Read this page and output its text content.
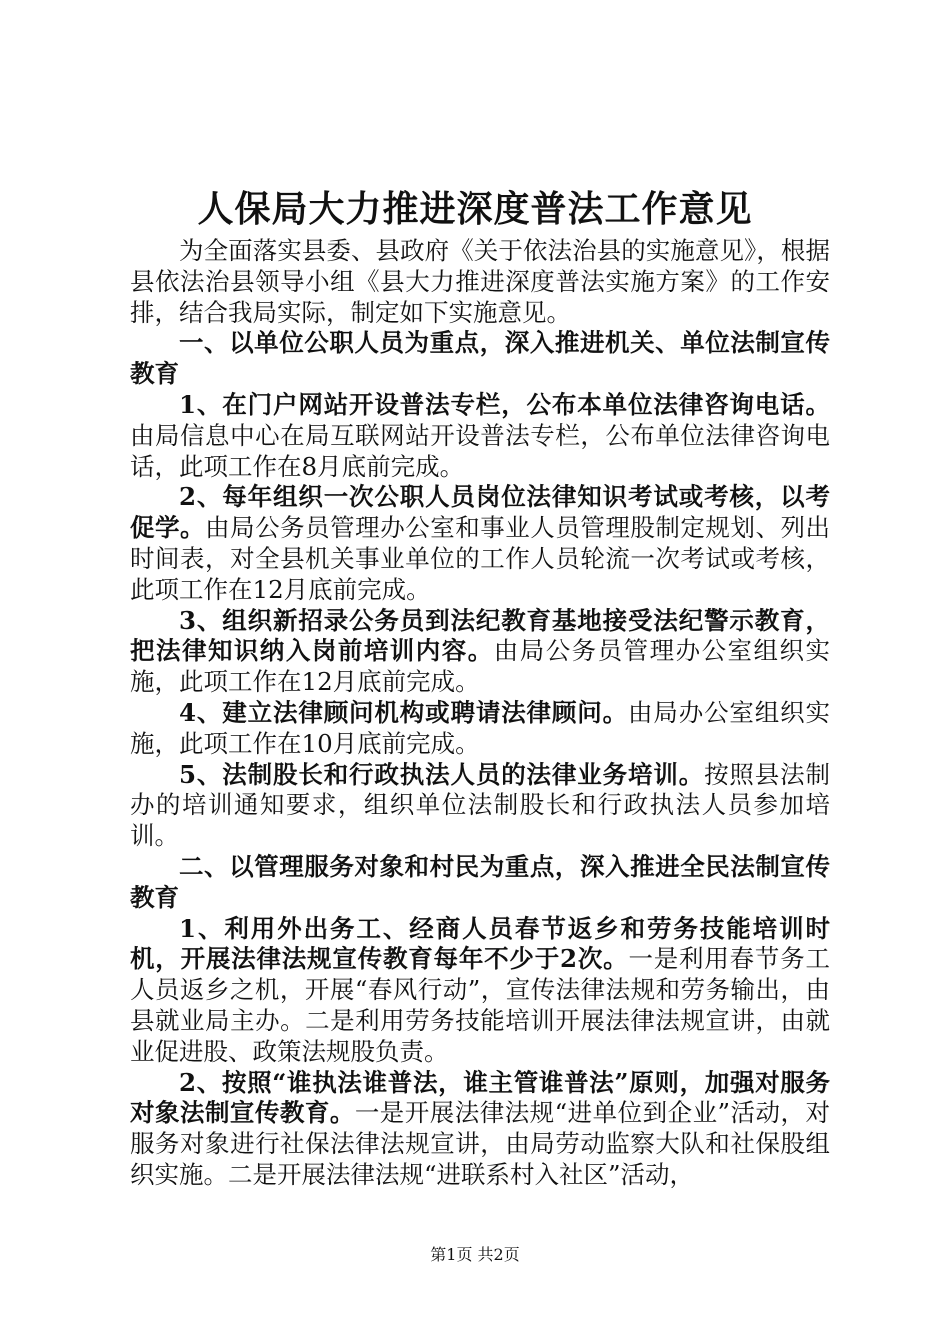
人保局大力推进深度普法工作意见

为全面落实县委、县政府《关于依法治县的实施意见》，根据县依法治县领导小组《县大力推进深度普法实施方案》的工作安排，结合我局实际，制定如下实施意见。

一、以单位公职人员为重点，深入推进机关、单位法制宣传教育

1、在门户网站开设普法专栏，公布本单位法律咨询电话。由局信息中心在局互联网站开设普法专栏，公布单位法律咨询电话，此项工作在8月底前完成。

2、每年组织一次公职人员岗位法律知识考试或考核，以考促学。由局公务员管理办公室和事业人员管理股制定规划、列出时间表，对全县机关事业单位的工作人员轮流一次考试或考核，此项工作在12月底前完成。

3、组织新招录公务员到法纪教育基地接受法纪警示教育，把法律知识纳入岗前培训内容。由局公务员管理办公室组织实施，此项工作在12月底前完成。

4、建立法律顾问机构或聘请法律顾问。由局办公室组织实施，此项工作在10月底前完成。

5、法制股长和行政执法人员的法律业务培训。按照县法制办的培训通知要求，组织单位法制股长和行政执法人员参加培训。

二、以管理服务对象和村民为重点，深入推进全民法制宣传教育

1、利用外出务工、经商人员春节返乡和劳务技能培训时机，开展法律法规宣传教育每年不少于2次。一是利用春节务工人员返乡之机，开展“春风行动”，宣传法律法规和劳务输出，由县就业局主办。二是利用劳务技能培训开展法律法规宣讲，由就业促进股、政策法规股负责。

2、按照“谁执法谁普法，谁主管谁普法”原则，加强对服务对象法制宣传教育。一是开展法律法规“进单位到企业”活动，对服务对象进行社保法律法规宣讲，由局劳动监察大队和社保股组织实施。二是开展法律法规“进联系村入社区”活动，

第1页 共2页
